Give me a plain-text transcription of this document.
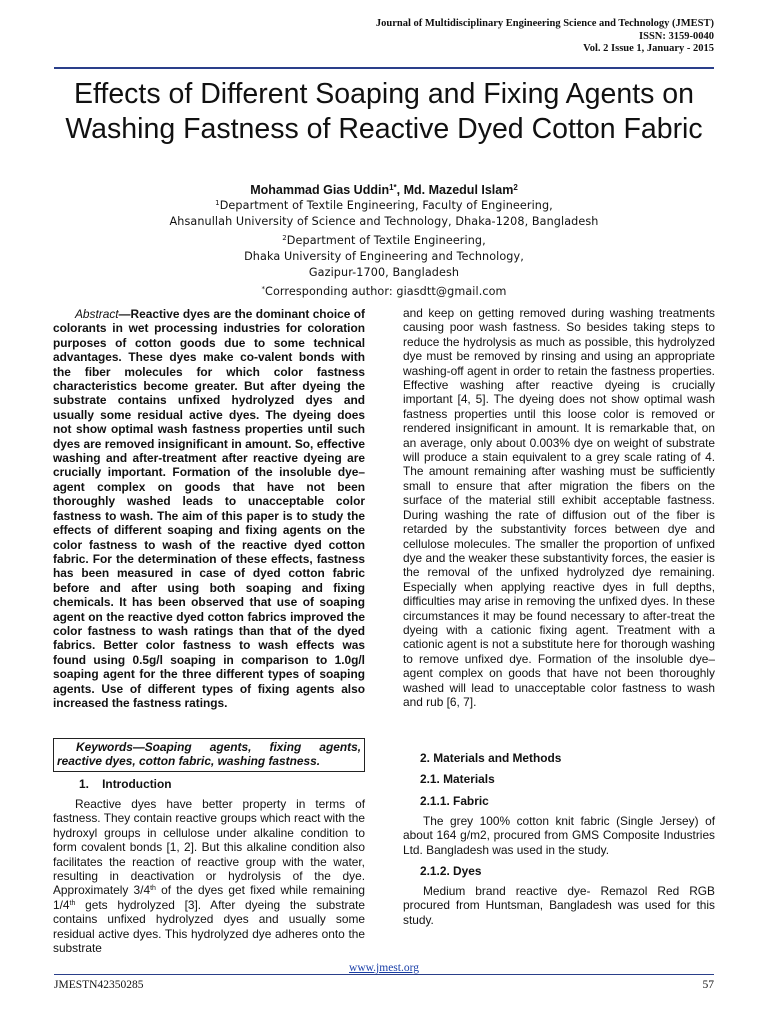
Journal of Multidisciplinary Engineering Science and Technology (JMEST)
ISSN: 3159-0040
Vol. 2 Issue 1, January - 2015
Effects of Different Soaping and Fixing Agents on Washing Fastness of Reactive Dyed Cotton Fabric
Mohammad Gias Uddin$^{1*}$, Md. Mazedul Islam$^2$
$^1$Department of Textile Engineering, Faculty of Engineering,
Ahsanullah University of Science and Technology, Dhaka-1208, Bangladesh
$^2$Department of Textile Engineering,
Dhaka University of Engineering and Technology,
Gazipur-1700, Bangladesh
*Corresponding author: giasdtt@gmail.com

Abstract—Reactive dyes are the dominant choice of colorants in wet processing industries for coloration purposes of cotton goods due to some technical advantages. These dyes make co-valent bonds with the fiber molecules for which color fastness characteristics become greater. But after dyeing the substrate contains unfixed hydrolyzed dyes and usually some residual active dyes. The dyeing does not show optimal wash fastness properties until such dyes are removed insignificant in amount. So, effective washing and after-treatment after reactive dyeing are crucially important. Formation of the insoluble dye–agent complex on goods that have not been thoroughly washed leads to unacceptable color fastness to wash. The aim of this paper is to study the effects of different soaping and fixing agents on the color fastness to wash of the reactive dyed cotton fabric. For the determination of these effects, fastness has been measured in case of dyed cotton fabric before and after using both soaping and fixing chemicals. It has been observed that use of soaping agent on the reactive dyed cotton fabrics improved the color fastness to wash ratings than that of the dyed fabrics. Better color fastness to wash effects was found using 0.5g/l soaping in comparison to 1.0g/l soaping agent for the three different types of soaping agents. Use of different types of fixing agents also increased the fastness ratings.

Keywords—Soaping agents, fixing agents, reactive dyes, cotton fabric, washing fastness.
1.    Introduction

Reactive dyes have better property in terms of fastness. They contain reactive groups which react with the hydroxyl groups in cellulose under alkaline condition to form covalent bonds [1, 2]. But this alkaline condition also facilitates the reaction of reactive group with the water, resulting in deactivation or hydrolysis of the dye. Approximately 3/4th of the dyes get fixed while remaining 1/4th gets hydrolyzed [3]. After dyeing the substrate contains unfixed hydrolyzed dyes and usually some residual active dyes. This hydrolyzed dye adheres onto the substrate

and keep on getting removed during washing treatments causing poor wash fastness. So besides taking steps to reduce the hydrolysis as much as possible, this hydrolyzed dye must be removed by rinsing and using an appropriate washing-off agent in order to retain the fastness properties. Effective washing after reactive dyeing is crucially important [4, 5]. The dyeing does not show optimal wash fastness properties until this loose color is removed or rendered insignificant in amount. It is remarkable that, on an average, only about 0.003% dye on weight of substrate will produce a stain equivalent to a grey scale rating of 4. The amount remaining after washing must be sufficiently small to ensure that after migration the fibers on the surface of the material still exhibit acceptable fastness. During washing the rate of diffusion out of the fiber is retarded by the substantivity forces between dye and cellulose molecules. The smaller the proportion of unfixed dye and the weaker these substantivity forces, the easier is the removal of the unfixed hydrolyzed dye remaining. Especially when applying reactive dyes in full depths, difficulties may arise in removing the unfixed dyes. In these circumstances it may be found necessary to after-treat the dyeing with a cationic fixing agent. Treatment with a cationic agent is not a substitute here for thorough washing to remove unfixed dye. Formation of the insoluble dye–agent complex on goods that have not been thoroughly washed will lead to unacceptable color fastness to wash and rub [6, 7].

2. Materials and Methods
2.1. Materials
2.1.1. Fabric

The grey 100% cotton knit fabric (Single Jersey) of about 164 g/m2, procured from GMS Composite Industries Ltd. Bangladesh was used in the study.

2.1.2. Dyes

Medium brand reactive dye- Remazol Red RGB procured from Huntsman, Bangladesh was used for this study.

www.jmest.org
JMESTN42350285	57
